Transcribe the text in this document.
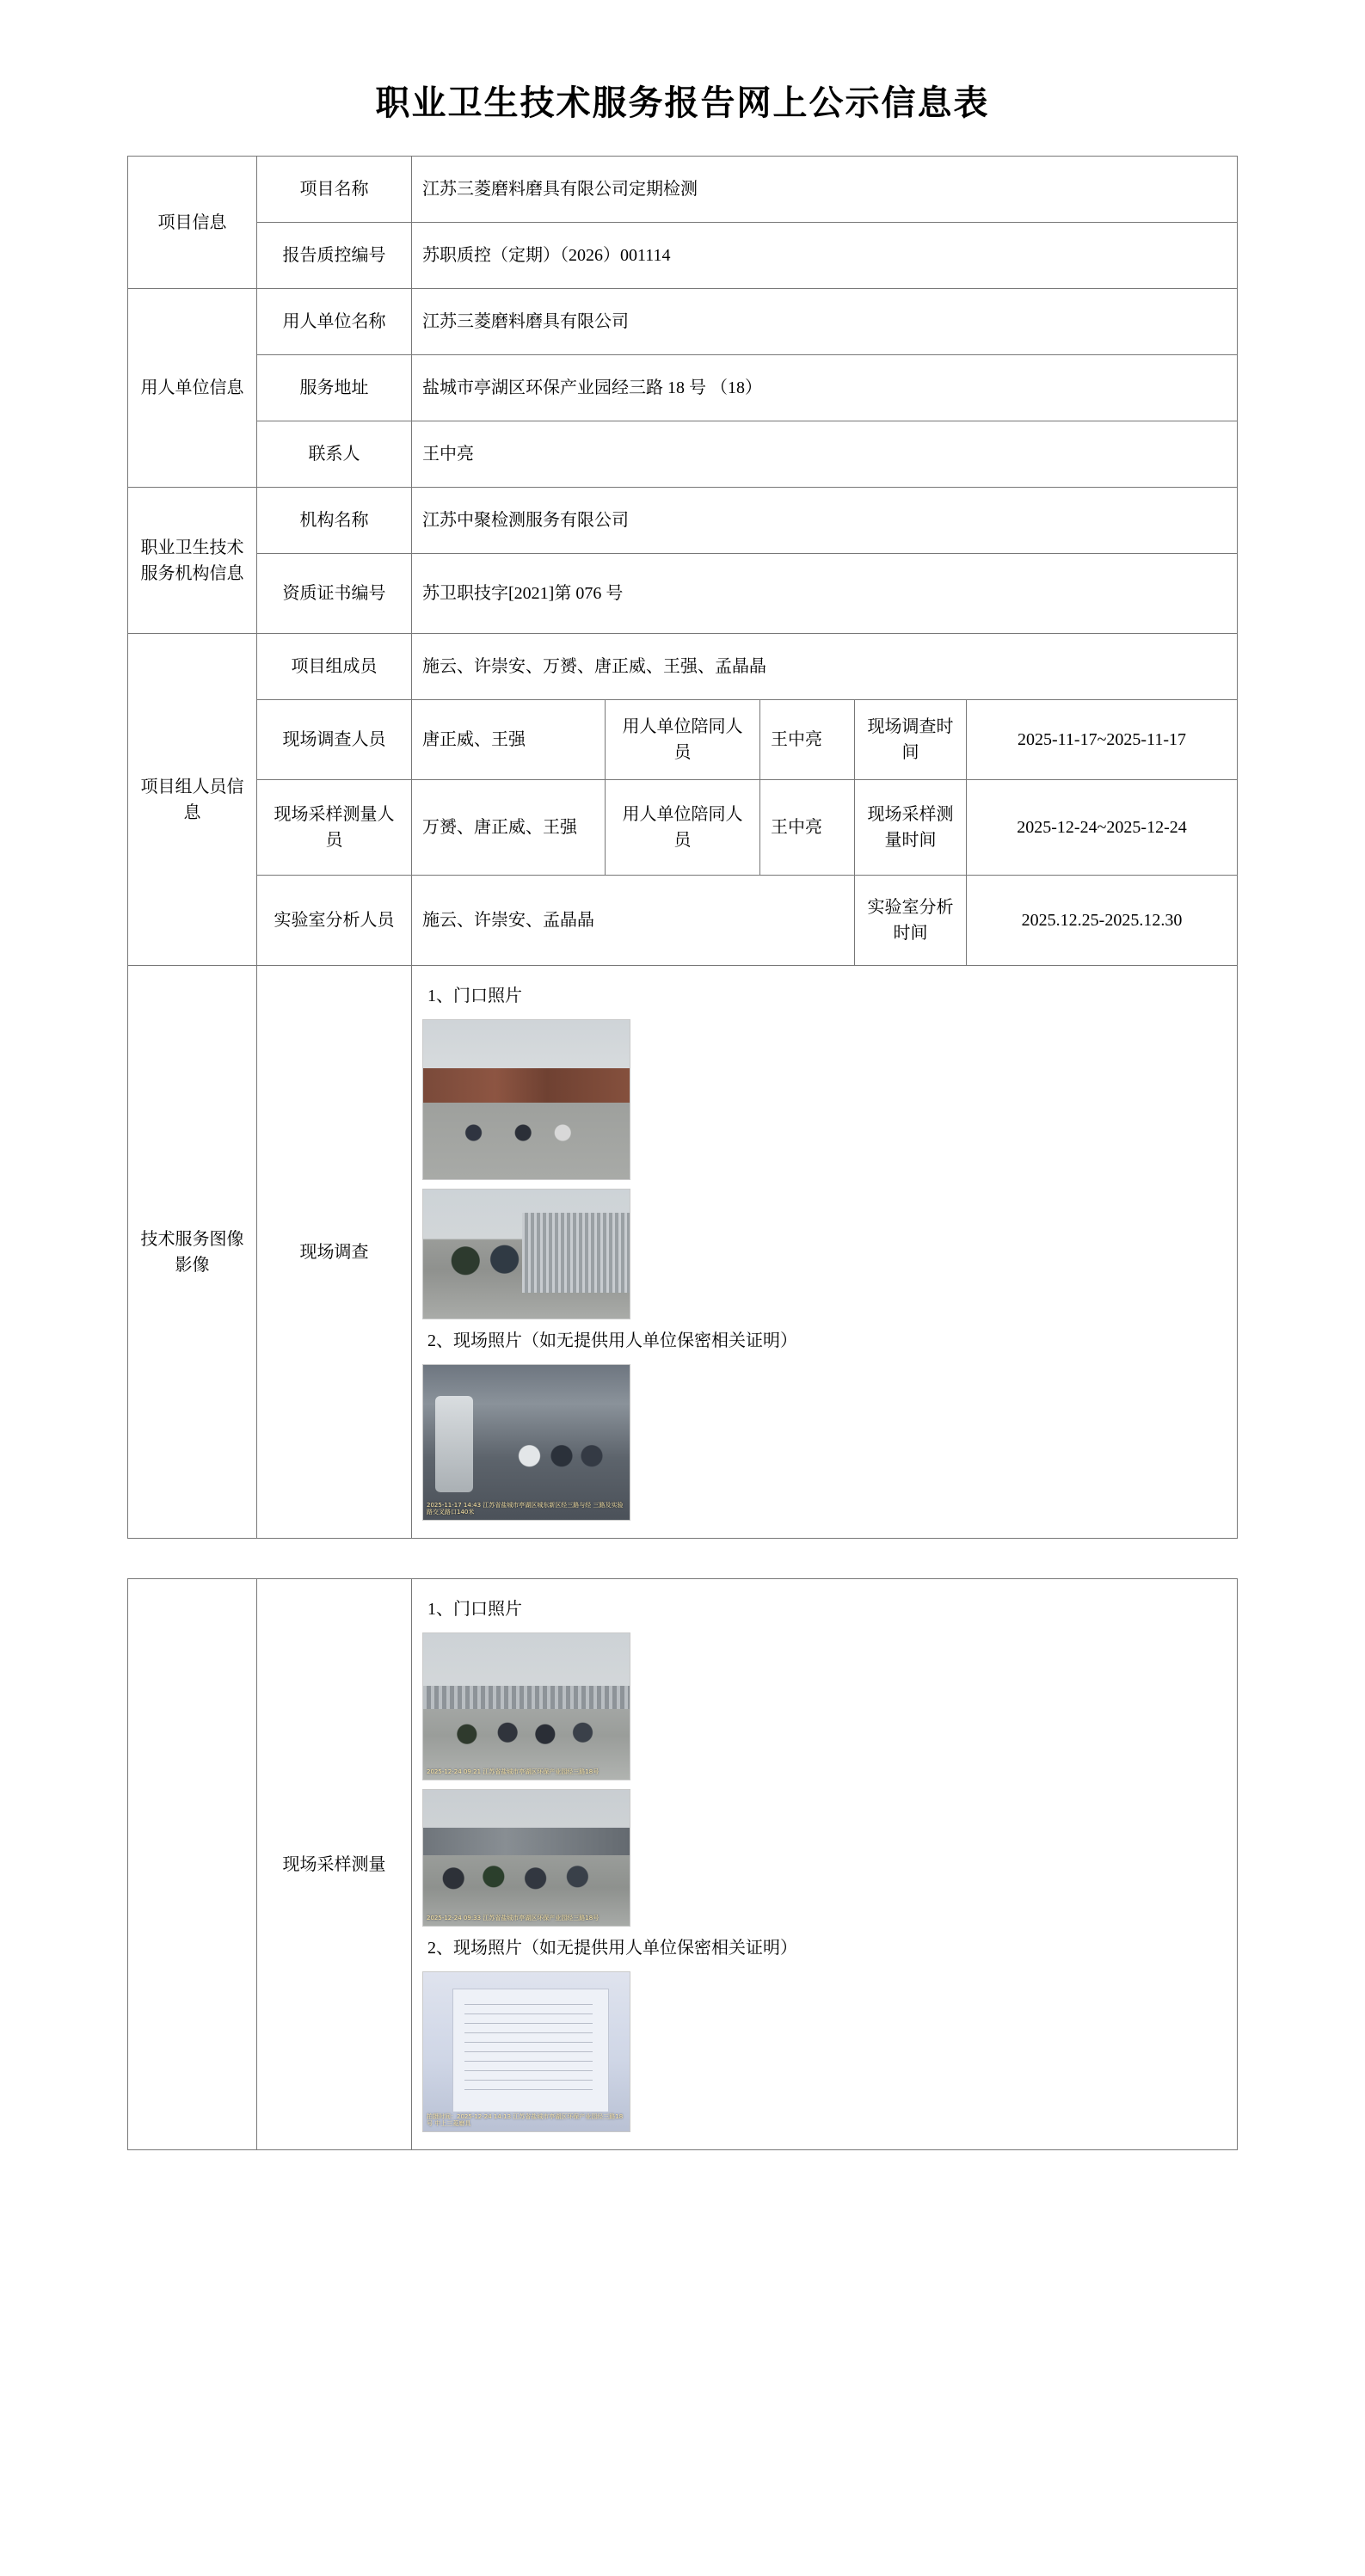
职业卫生技术服务报告网上公示信息表
项目信息	项目名称	江苏三菱磨料磨具有限公司定期检测				
	报告质控编号	苏职质控（定期）（2026）001114				
用人单位信息	用人单位名称	江苏三菱磨料磨具有限公司				
	服务地址	盐城市亭湖区环保产业园经三路 18 号 （18）				
	联系人	王中亮				
职业卫生技术服务机构信息	机构名称	江苏中聚检测服务有限公司				
	资质证书编号	苏卫职技字[2021]第 076 号				
项目组人员信息	项目组成员	施云、许崇安、万赟、唐正威、王强、孟晶晶				
	现场调查人员	唐正威、王强	用人单位陪同人员	王中亮	现场调查时间	2025-11-17~2025-11-17
	现场采样测量人员	万赟、唐正威、王强	用人单位陪同人员	王中亮	现场采样测量时间	2025-12-24~2025-12-24
	实验室分析人员	施云、许崇安、孟晶晶			实验室分析时间	2025.12.25-2025.12.30
技术服务图像影像	现场调查	1、门口照片
2、现场照片（如无提供用人单位保密相关证明）
2025-11-17 14:43 江苏省盐城市亭湖区城东新区经三路与经 三路及实验路交叉路口140米				
	现场采样测量	
1、门口照片
2025-12-24 09:21 江苏省盐城市亭湖区环保产业园经三路18号
2025-12-24 09:33 江苏省盐城市亭湖区环保产业园经三路18号
2、现场照片（如无提供用人单位保密相关证明）
拍摄时间：2025-12-24 14:13 江苏省盐城市亭湖区环保产业园经三路18号 中上三菱磨具
